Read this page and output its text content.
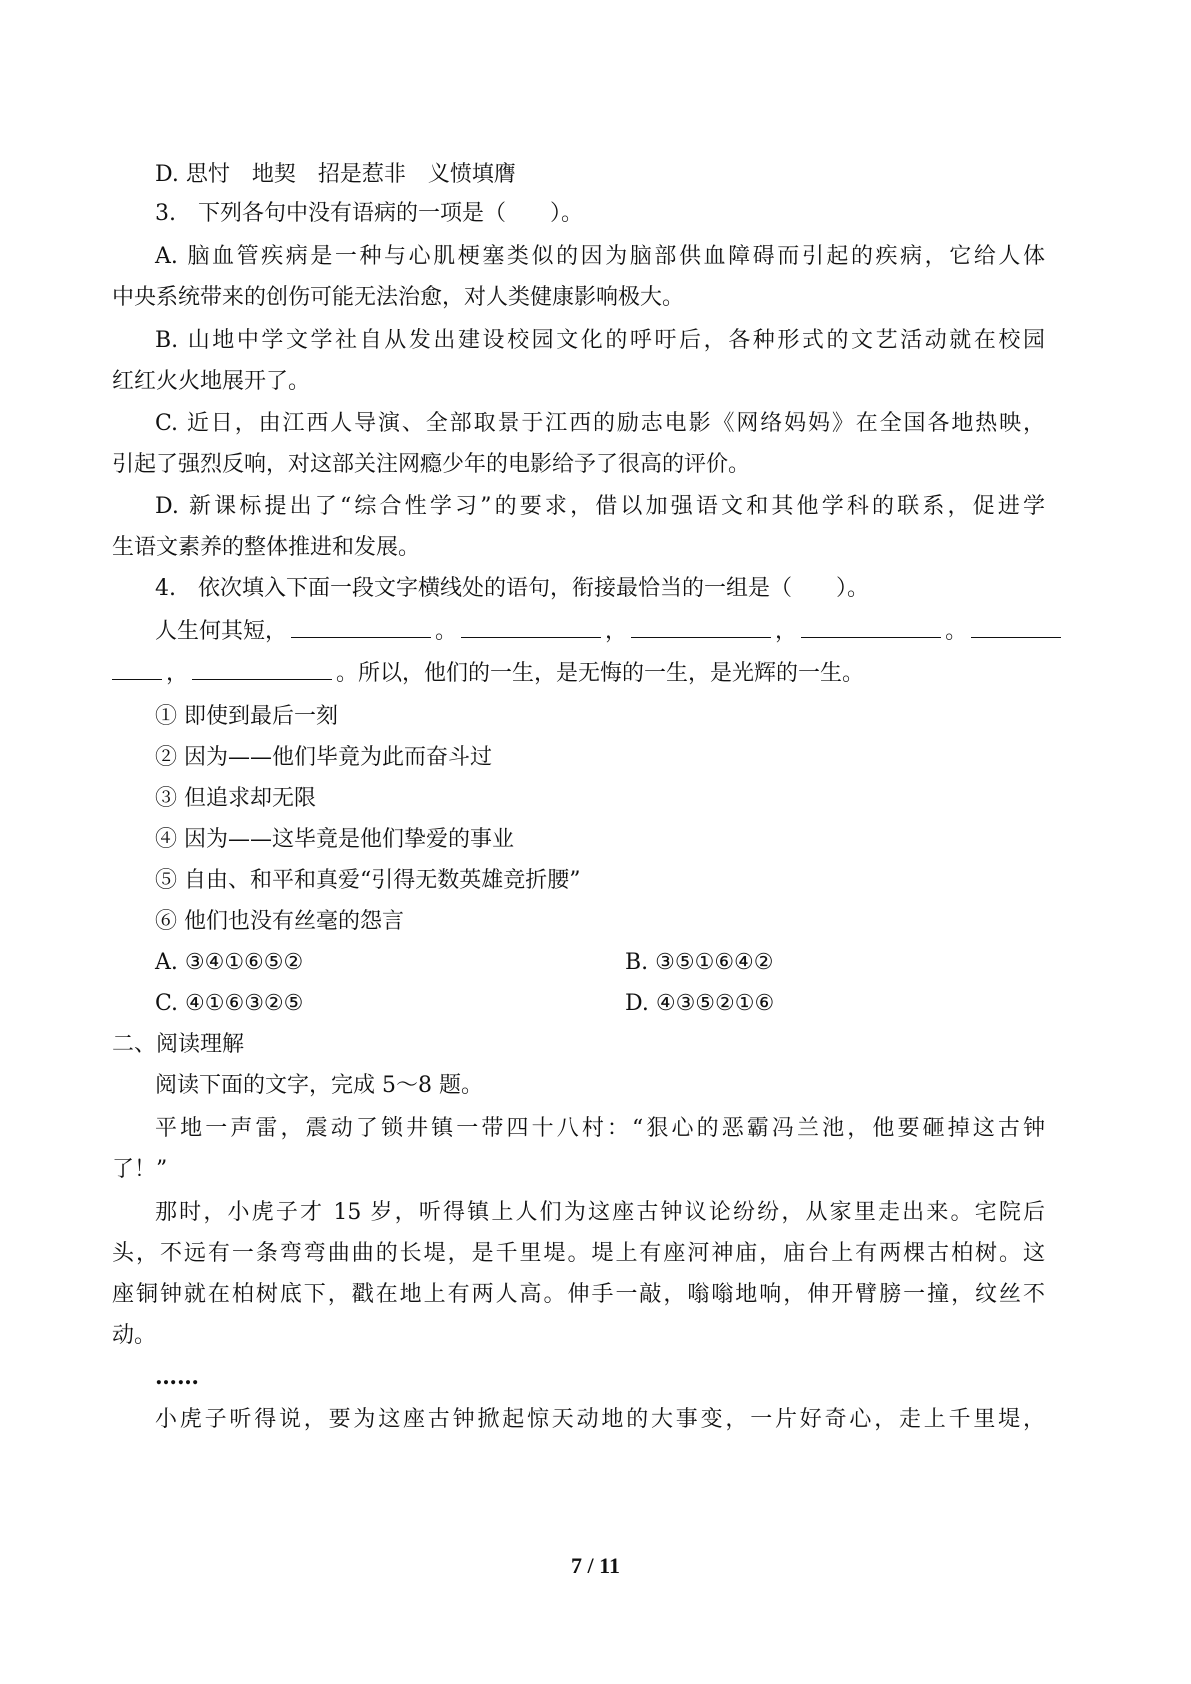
D. 思忖　地契　招是惹非　义愤填膺
3.　下列各句中没有语病的一项是（　　）。
A. 脑血管疾病是一种与心肌梗塞类似的因为脑部供血障碍而引起的疾病，它给人体
中央系统带来的创伤可能无法治愈，对人类健康影响极大。
B. 山地中学文学社自从发出建设校园文化的呼吁后，各种形式的文艺活动就在校园
红红火火地展开了。
C. 近日，由江西人导演、全部取景于江西的励志电影《网络妈妈》在全国各地热映，
引起了强烈反响，对这部关注网瘾少年的电影给予了很高的评价。
D. 新课标提出了“综合性学习”的要求，借以加强语文和其他学科的联系，促进学
生语文素养的整体推进和发展。
4.　依次填入下面一段文字横线处的语句，衔接最恰当的一组是（　　）。
人生何其短，	。	，	，	。
，	。所以，他们的一生，是无悔的一生，是光辉的一生。
① 即使到最后一刻
② 因为——他们毕竟为此而奋斗过
③ 但追求却无限
④ 因为——这毕竟是他们挚爱的事业
⑤ 自由、和平和真爱“引得无数英雄竞折腰”
⑥ 他们也没有丝毫的怨言
A. ③④①⑥⑤②	B. ③⑤①⑥④②
C. ④①⑥③②⑤	D. ④③⑤②①⑥
二、阅读理解
阅读下面的文字，完成 5～8 题。
平地一声雷，震动了锁井镇一带四十八村：“狠心的恶霸冯兰池，他要砸掉这古钟
了！”
那时，小虎子才 15 岁，听得镇上人们为这座古钟议论纷纷，从家里走出来。宅院后
头，不远有一条弯弯曲曲的长堤，是千里堤。堤上有座河神庙，庙台上有两棵古柏树。这
座铜钟就在柏树底下，戳在地上有两人高。伸手一敲，嗡嗡地响，伸开臂膀一撞，纹丝不
动。
……
小虎子听得说，要为这座古钟掀起惊天动地的大事变，一片好奇心，走上千里堤，
7 / 11
